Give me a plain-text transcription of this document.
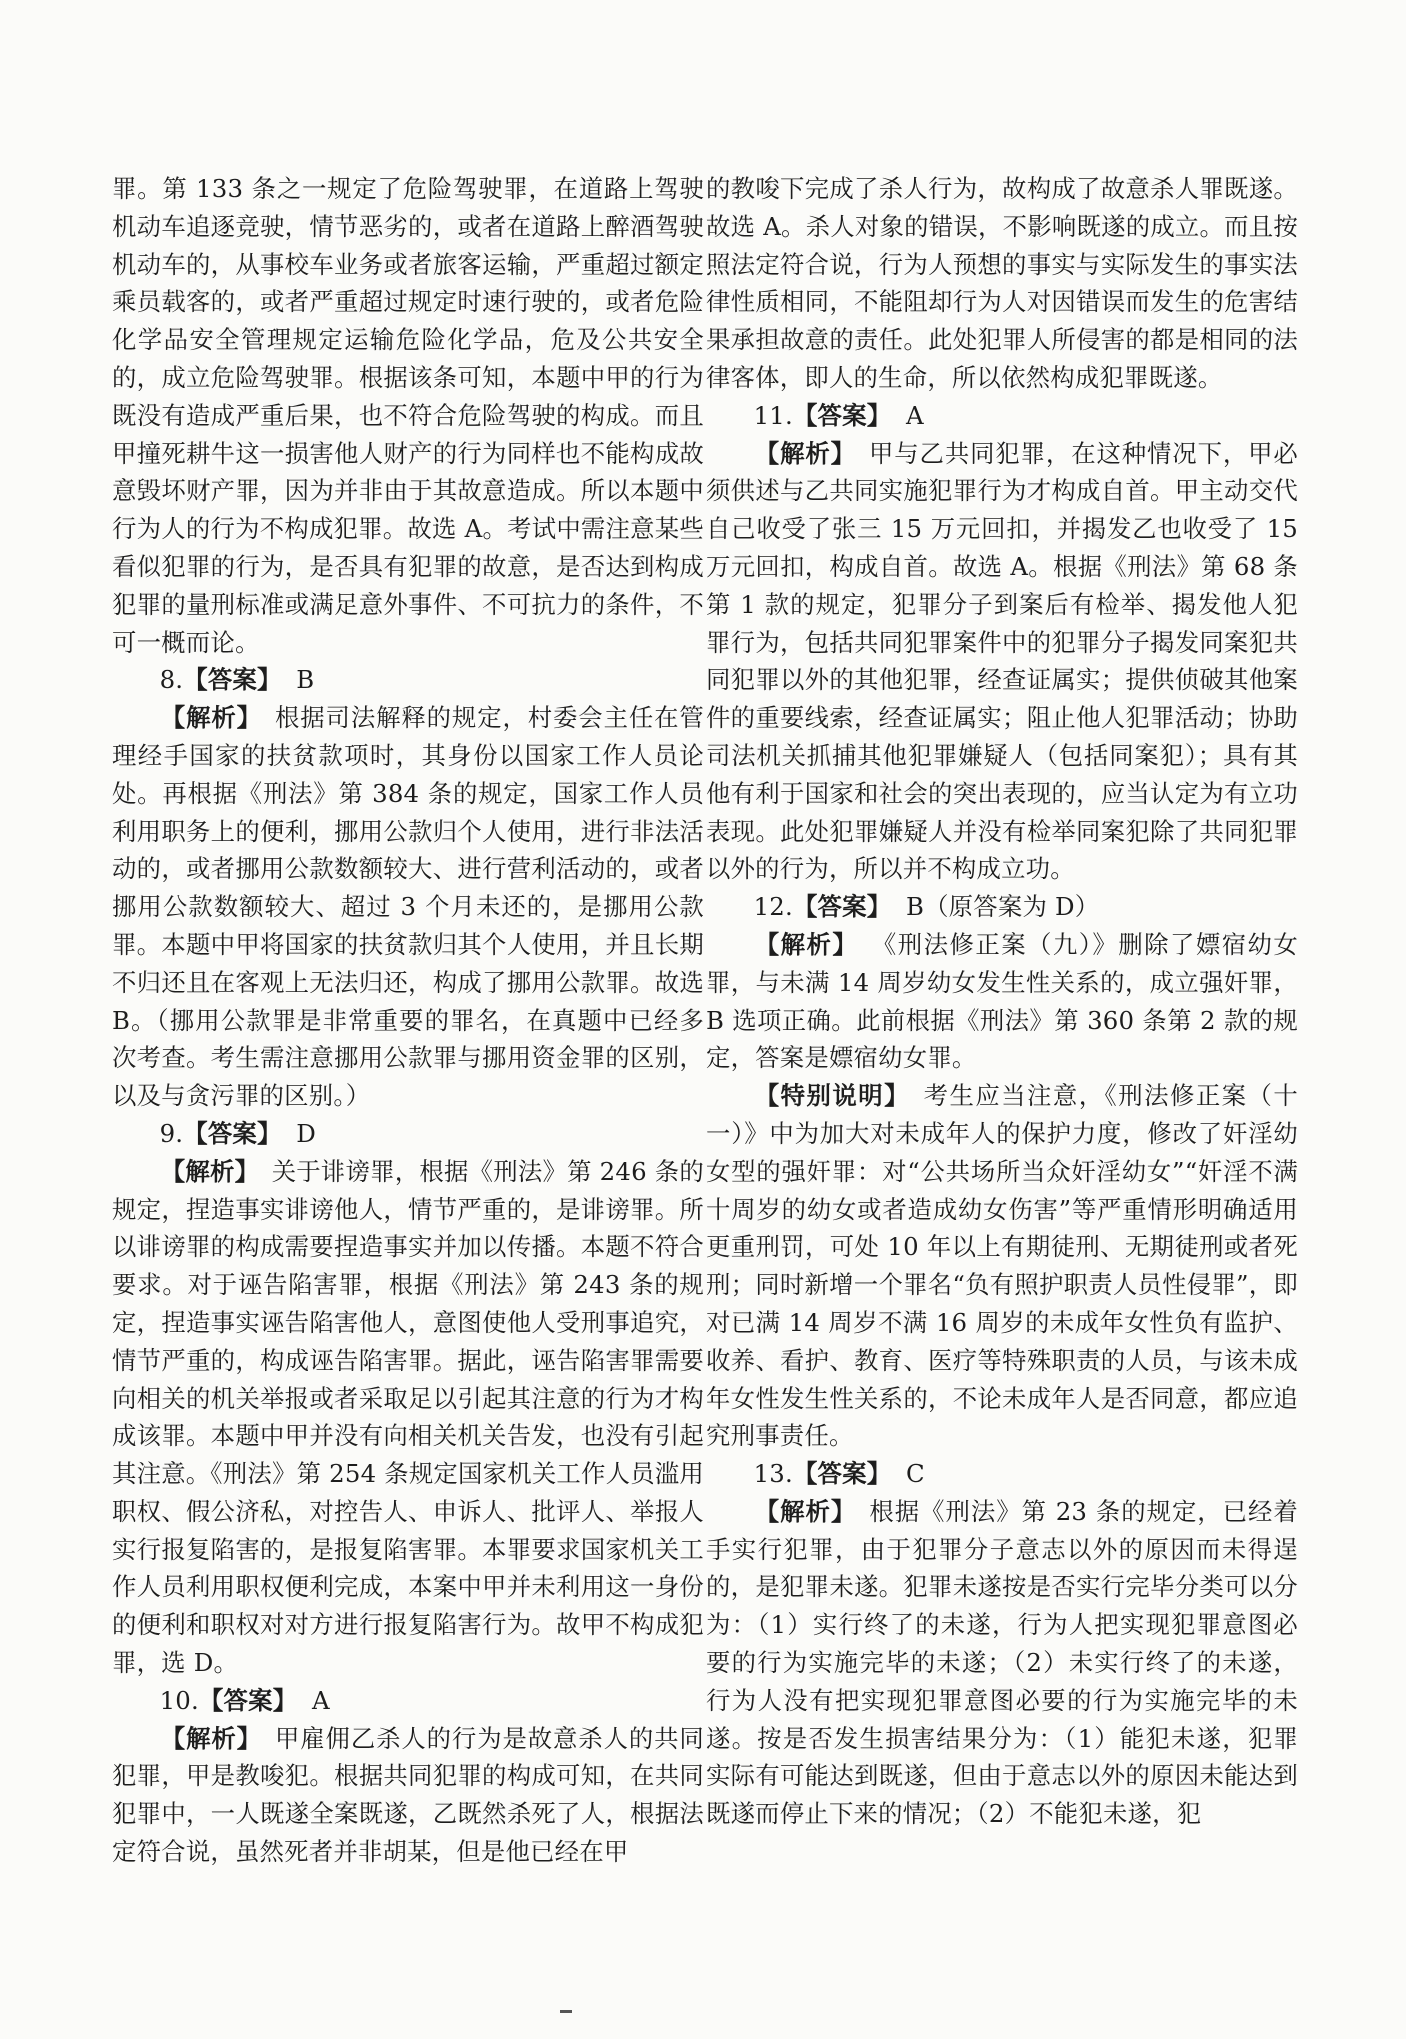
罪。第 133 条之一规定了危险驾驶罪，在道路上驾驶机动车追逐竞驶，情节恶劣的，或者在道路上醉酒驾驶机动车的，从事校车业务或者旅客运输，严重超过额定乘员载客的，或者严重超过规定时速行驶的，或者危险化学品安全管理规定运输危险化学品，危及公共安全的，成立危险驾驶罪。根据该条可知，本题中甲的行为既没有造成严重后果，也不符合危险驾驶的构成。而且甲撞死耕牛这一损害他人财产的行为同样也不能构成故意毁坏财产罪，因为并非由于其故意造成。所以本题中行为人的行为不构成犯罪。故选 A。考试中需注意某些看似犯罪的行为，是否具有犯罪的故意，是否达到构成犯罪的量刑标准或满足意外事件、不可抗力的条件，不可一概而论。

8.【答案】 B

【解析】  根据司法解释的规定，村委会主任在管理经手国家的扶贫款项时，其身份以国家工作人员论处。再根据《刑法》第 384 条的规定，国家工作人员利用职务上的便利，挪用公款归个人使用，进行非法活动的，或者挪用公款数额较大、进行营利活动的，或者挪用公款数额较大、超过 3 个月未还的，是挪用公款罪。本题中甲将国家的扶贫款归其个人使用，并且长期不归还且在客观上无法归还，构成了挪用公款罪。故选 B。（挪用公款罪是非常重要的罪名，在真题中已经多次考查。考生需注意挪用公款罪与挪用资金罪的区别，以及与贪污罪的区别。）

9.【答案】 D

【解析】  关于诽谤罪，根据《刑法》第 246 条的规定，捏造事实诽谤他人，情节严重的，是诽谤罪。所以诽谤罪的构成需要捏造事实并加以传播。本题不符合要求。对于诬告陷害罪，根据《刑法》第 243 条的规定，捏造事实诬告陷害他人，意图使他人受刑事追究，情节严重的，构成诬告陷害罪。据此，诬告陷害罪需要向相关的机关举报或者采取足以引起其注意的行为才构成该罪。本题中甲并没有向相关机关告发，也没有引起其注意。《刑法》第 254 条规定国家机关工作人员滥用职权、假公济私，对控告人、申诉人、批评人、举报人实行报复陷害的，是报复陷害罪。本罪要求国家机关工作人员利用职权便利完成，本案中甲并未利用这一身份的便利和职权对对方进行报复陷害行为。故甲不构成犯罪，选 D。

10.【答案】 A

【解析】  甲雇佣乙杀人的行为是故意杀人的共同犯罪，甲是教唆犯。根据共同犯罪的构成可知，在共同犯罪中，一人既遂全案既遂，乙既然杀死了人，根据法定符合说，虽然死者并非胡某，但是他已经在甲

的教唆下完成了杀人行为，故构成了故意杀人罪既遂。故选 A。杀人对象的错误，不影响既遂的成立。而且按照法定符合说，行为人预想的事实与实际发生的事实法律性质相同，不能阻却行为人对因错误而发生的危害结果承担故意的责任。此处犯罪人所侵害的都是相同的法律客体，即人的生命，所以依然构成犯罪既遂。

11.【答案】 A

【解析】  甲与乙共同犯罪，在这种情况下，甲必须供述与乙共同实施犯罪行为才构成自首。甲主动交代自己收受了张三 15 万元回扣，并揭发乙也收受了 15 万元回扣，构成自首。故选 A。根据《刑法》第 68 条第 1 款的规定，犯罪分子到案后有检举、揭发他人犯罪行为，包括共同犯罪案件中的犯罪分子揭发同案犯共同犯罪以外的其他犯罪，经查证属实；提供侦破其他案件的重要线索，经查证属实；阻止他人犯罪活动；协助司法机关抓捕其他犯罪嫌疑人（包括同案犯）；具有其他有利于国家和社会的突出表现的，应当认定为有立功表现。此处犯罪嫌疑人并没有检举同案犯除了共同犯罪以外的行为，所以并不构成立功。

12.【答案】 B（原答案为 D）

【解析】  《刑法修正案（九）》删除了嫖宿幼女罪，与未满 14 周岁幼女发生性关系的，成立强奸罪，B 选项正确。此前根据《刑法》第 360 条第 2 款的规定，答案是嫖宿幼女罪。

【特别说明】  考生应当注意，《刑法修正案（十一）》中为加大对未成年人的保护力度，修改了奸淫幼女型的强奸罪：对“公共场所当众奸淫幼女”“奸淫不满十周岁的幼女或者造成幼女伤害”等严重情形明确适用更重刑罚，可处 10 年以上有期徒刑、无期徒刑或者死刑；同时新增一个罪名“负有照护职责人员性侵罪”，即对已满 14 周岁不满 16 周岁的未成年女性负有监护、收养、看护、教育、医疗等特殊职责的人员，与该未成年女性发生性关系的，不论未成年人是否同意，都应追究刑事责任。

13.【答案】 C

【解析】  根据《刑法》第 23 条的规定，已经着手实行犯罪，由于犯罪分子意志以外的原因而未得逞的，是犯罪未遂。犯罪未遂按是否实行完毕分类可以分为：（1）实行终了的未遂，行为人把实现犯罪意图必要的行为实施完毕的未遂；（2）未实行终了的未遂，行为人没有把实现犯罪意图必要的行为实施完毕的未遂。按是否发生损害结果分为：（1）能犯未遂，犯罪实际有可能达到既遂，但由于意志以外的原因未能达到既遂而停止下来的情况；（2）不能犯未遂，犯
